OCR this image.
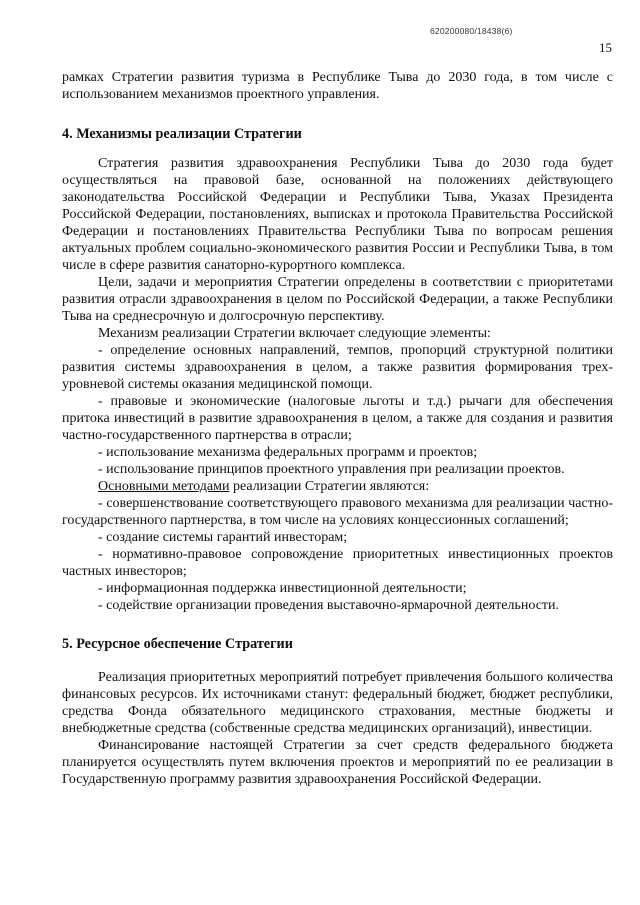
620200080/18438(6)
15

рамках Стратегии развития туризма в Республике Тыва до 2030 года, в том числе с использованием механизмов проектного управления.

4. Механизмы реализации Стратегии

Стратегия развития здравоохранения Республики Тыва до 2030 года будет осуществляться на правовой базе, основанной на положениях действующего законодательства Российской Федерации и Республики Тыва, Указах Президента Российской Федерации, постановлениях, выписках и протокола Правительства Российской Федерации и постановлениях Правительства Республики Тыва по вопросам решения актуальных проблем социально-экономического развития России и Республики Тыва, в том числе в сфере развития санаторно-курортного комплекса.

Цели, задачи и мероприятия Стратегии определены в соответствии с приоритетами развития отрасли здравоохранения в целом по Российской Федерации, а также Республики Тыва на среднесрочную и долгосрочную перспективу.

Механизм реализации Стратегии включает следующие элементы:

- определение основных направлений, темпов, пропорций структурной политики развития системы здравоохранения в целом, а также развития формирования трех-уровневой системы оказания медицинской помощи.

- правовые и экономические (налоговые льготы и т.д.) рычаги для обеспечения притока инвестиций в развитие здравоохранения в целом, а также для создания и развития частно-государственного партнерства в отрасли;

- использование механизма федеральных программ и проектов;

- использование принципов проектного управления при реализации проектов.

Основными методами реализации Стратегии являются:

- совершенствование соответствующего правового механизма для реализации частно-государственного партнерства, в том числе на условиях концессионных соглашений;

- создание системы гарантий инвесторам;

- нормативно-правовое сопровождение приоритетных инвестиционных проектов частных инвесторов;

- информационная поддержка инвестиционной деятельности;

- содействие организации проведения выставочно-ярмарочной деятельности.

5. Ресурсное обеспечение Стратегии

Реализация приоритетных мероприятий потребует привлечения большого количества финансовых ресурсов. Их источниками станут: федеральный бюджет, бюджет республики, средства Фонда обязательного медицинского страхования, местные бюджеты и внебюджетные средства (собственные средства медицинских организаций), инвестиции.

Финансирование настоящей Стратегии за счет средств федерального бюджета планируется осуществлять путем включения проектов и мероприятий по ее реализации в Государственную программу развития здравоохранения Российской Федерации.
